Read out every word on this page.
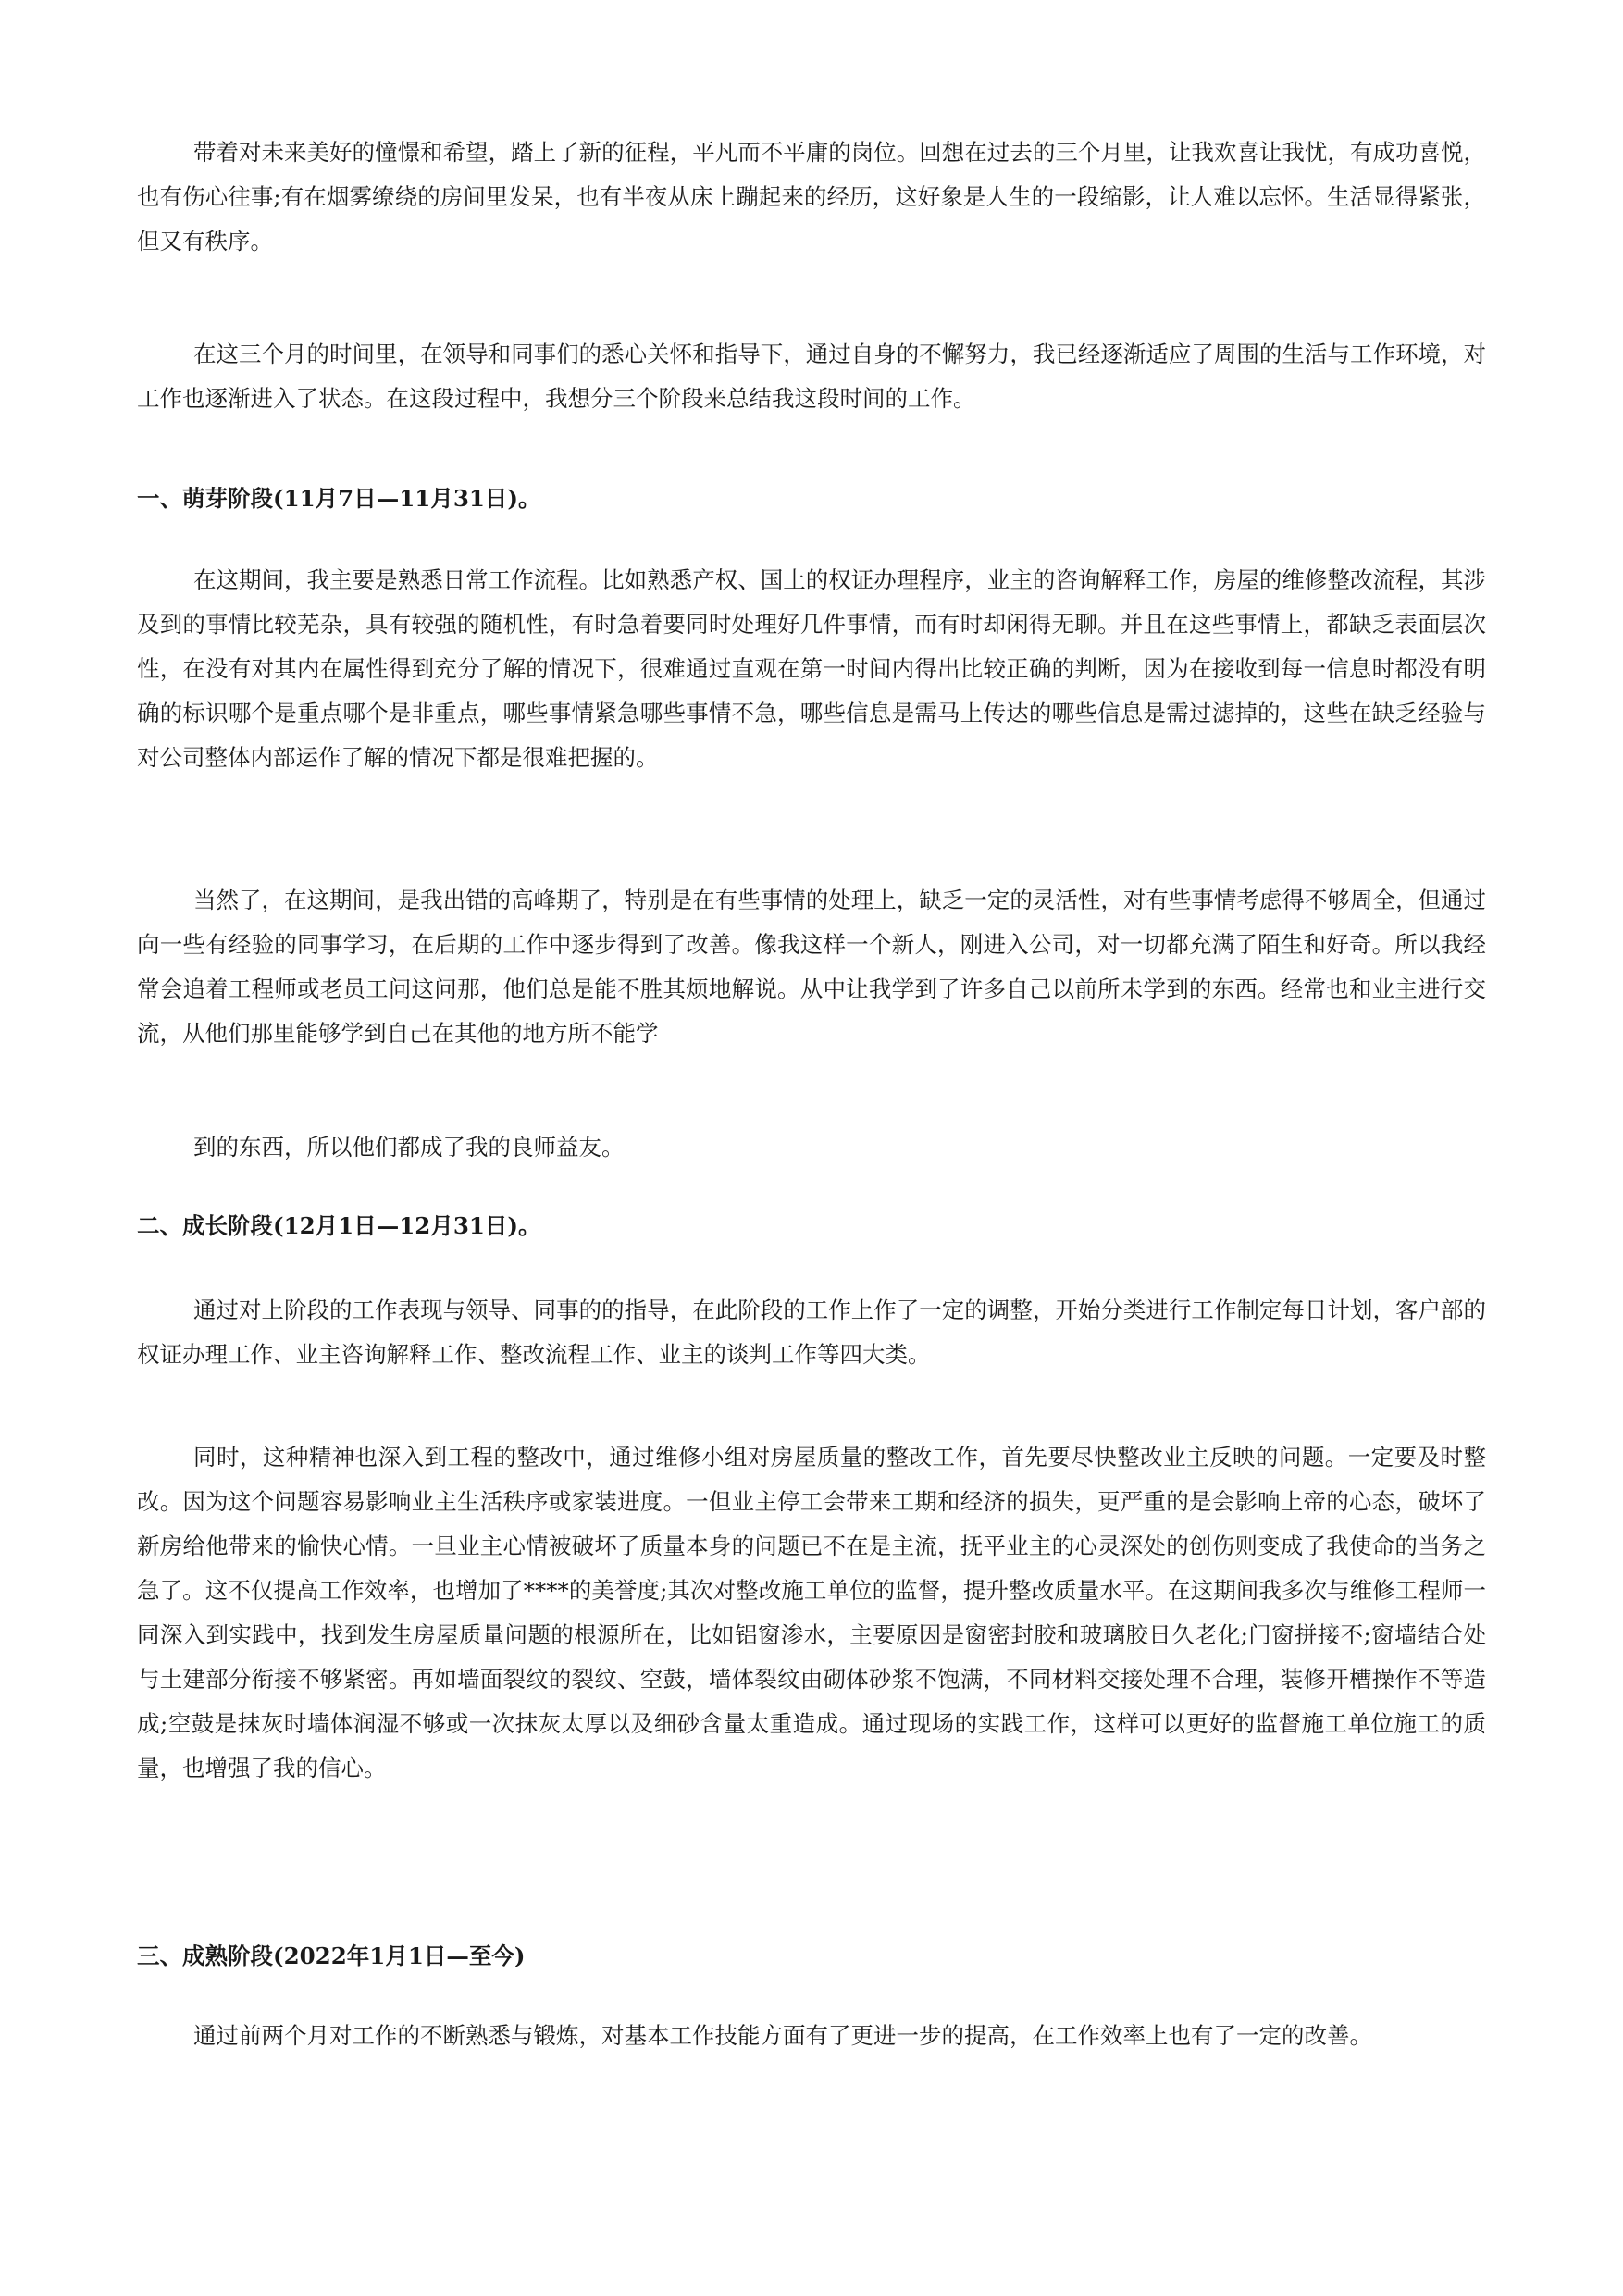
带着对未来美好的憧憬和希望，踏上了新的征程，平凡而不平庸的岗位。回想在过去的三个月里，让我欢喜让我忧，有成功喜悦，也有伤心往事;有在烟雾缭绕的房间里发呆，也有半夜从床上蹦起来的经历，这好象是人生的一段缩影，让人难以忘怀。生活显得紧张，但又有秩序。

在这三个月的时间里，在领导和同事们的悉心关怀和指导下，通过自身的不懈努力，我已经逐渐适应了周围的生活与工作环境，对工作也逐渐进入了状态。在这段过程中，我想分三个阶段来总结我这段时间的工作。

一、萌芽阶段(11月7日—11月31日)。

在这期间，我主要是熟悉日常工作流程。比如熟悉产权、国土的权证办理程序，业主的咨询解释工作，房屋的维修整改流程，其涉及到的事情比较芜杂，具有较强的随机性，有时急着要同时处理好几件事情，而有时却闲得无聊。并且在这些事情上，都缺乏表面层次性，在没有对其内在属性得到充分了解的情况下，很难通过直观在第一时间内得出比较正确的判断，因为在接收到每一信息时都没有明确的标识哪个是重点哪个是非重点，哪些事情紧急哪些事情不急，哪些信息是需马上传达的哪些信息是需过滤掉的，这些在缺乏经验与对公司整体内部运作了解的情况下都是很难把握的。

当然了，在这期间，是我出错的高峰期了，特别是在有些事情的处理上，缺乏一定的灵活性，对有些事情考虑得不够周全，但通过向一些有经验的同事学习，在后期的工作中逐步得到了改善。像我这样一个新人，刚进入公司，对一切都充满了陌生和好奇。所以我经常会追着工程师或老员工问这问那，他们总是能不胜其烦地解说。从中让我学到了许多自己以前所未学到的东西。经常也和业主进行交流，从他们那里能够学到自己在其他的地方所不能学

到的东西，所以他们都成了我的良师益友。

二、成长阶段(12月1日—12月31日)。

通过对上阶段的工作表现与领导、同事的的指导，在此阶段的工作上作了一定的调整，开始分类进行工作制定每日计划，客户部的权证办理工作、业主咨询解释工作、整改流程工作、业主的谈判工作等四大类。

同时，这种精神也深入到工程的整改中，通过维修小组对房屋质量的整改工作，首先要尽快整改业主反映的问题。一定要及时整改。因为这个问题容易影响业主生活秩序或家装进度。一但业主停工会带来工期和经济的损失，更严重的是会影响上帝的心态，破坏了新房给他带来的愉快心情。一旦业主心情被破坏了质量本身的问题已不在是主流，抚平业主的心灵深处的创伤则变成了我使命的当务之急了。这不仅提高工作效率，也增加了****的美誉度;其次对整改施工单位的监督，提升整改质量水平。在这期间我多次与维修工程师一同深入到实践中，找到发生房屋质量问题的根源所在，比如铝窗渗水，主要原因是窗密封胶和玻璃胶日久老化;门窗拼接不;窗墙结合处与土建部分衔接不够紧密。再如墙面裂纹的裂纹、空鼓，墙体裂纹由砌体砂浆不饱满，不同材料交接处理不合理，装修开槽操作不等造成;空鼓是抹灰时墙体润湿不够或一次抹灰太厚以及细砂含量太重造成。通过现场的实践工作，这样可以更好的监督施工单位施工的质量，也增强了我的信心。

三、成熟阶段(2022年1月1日—至今)

通过前两个月对工作的不断熟悉与锻炼，对基本工作技能方面有了更进一步的提高，在工作效率上也有了一定的改善。
